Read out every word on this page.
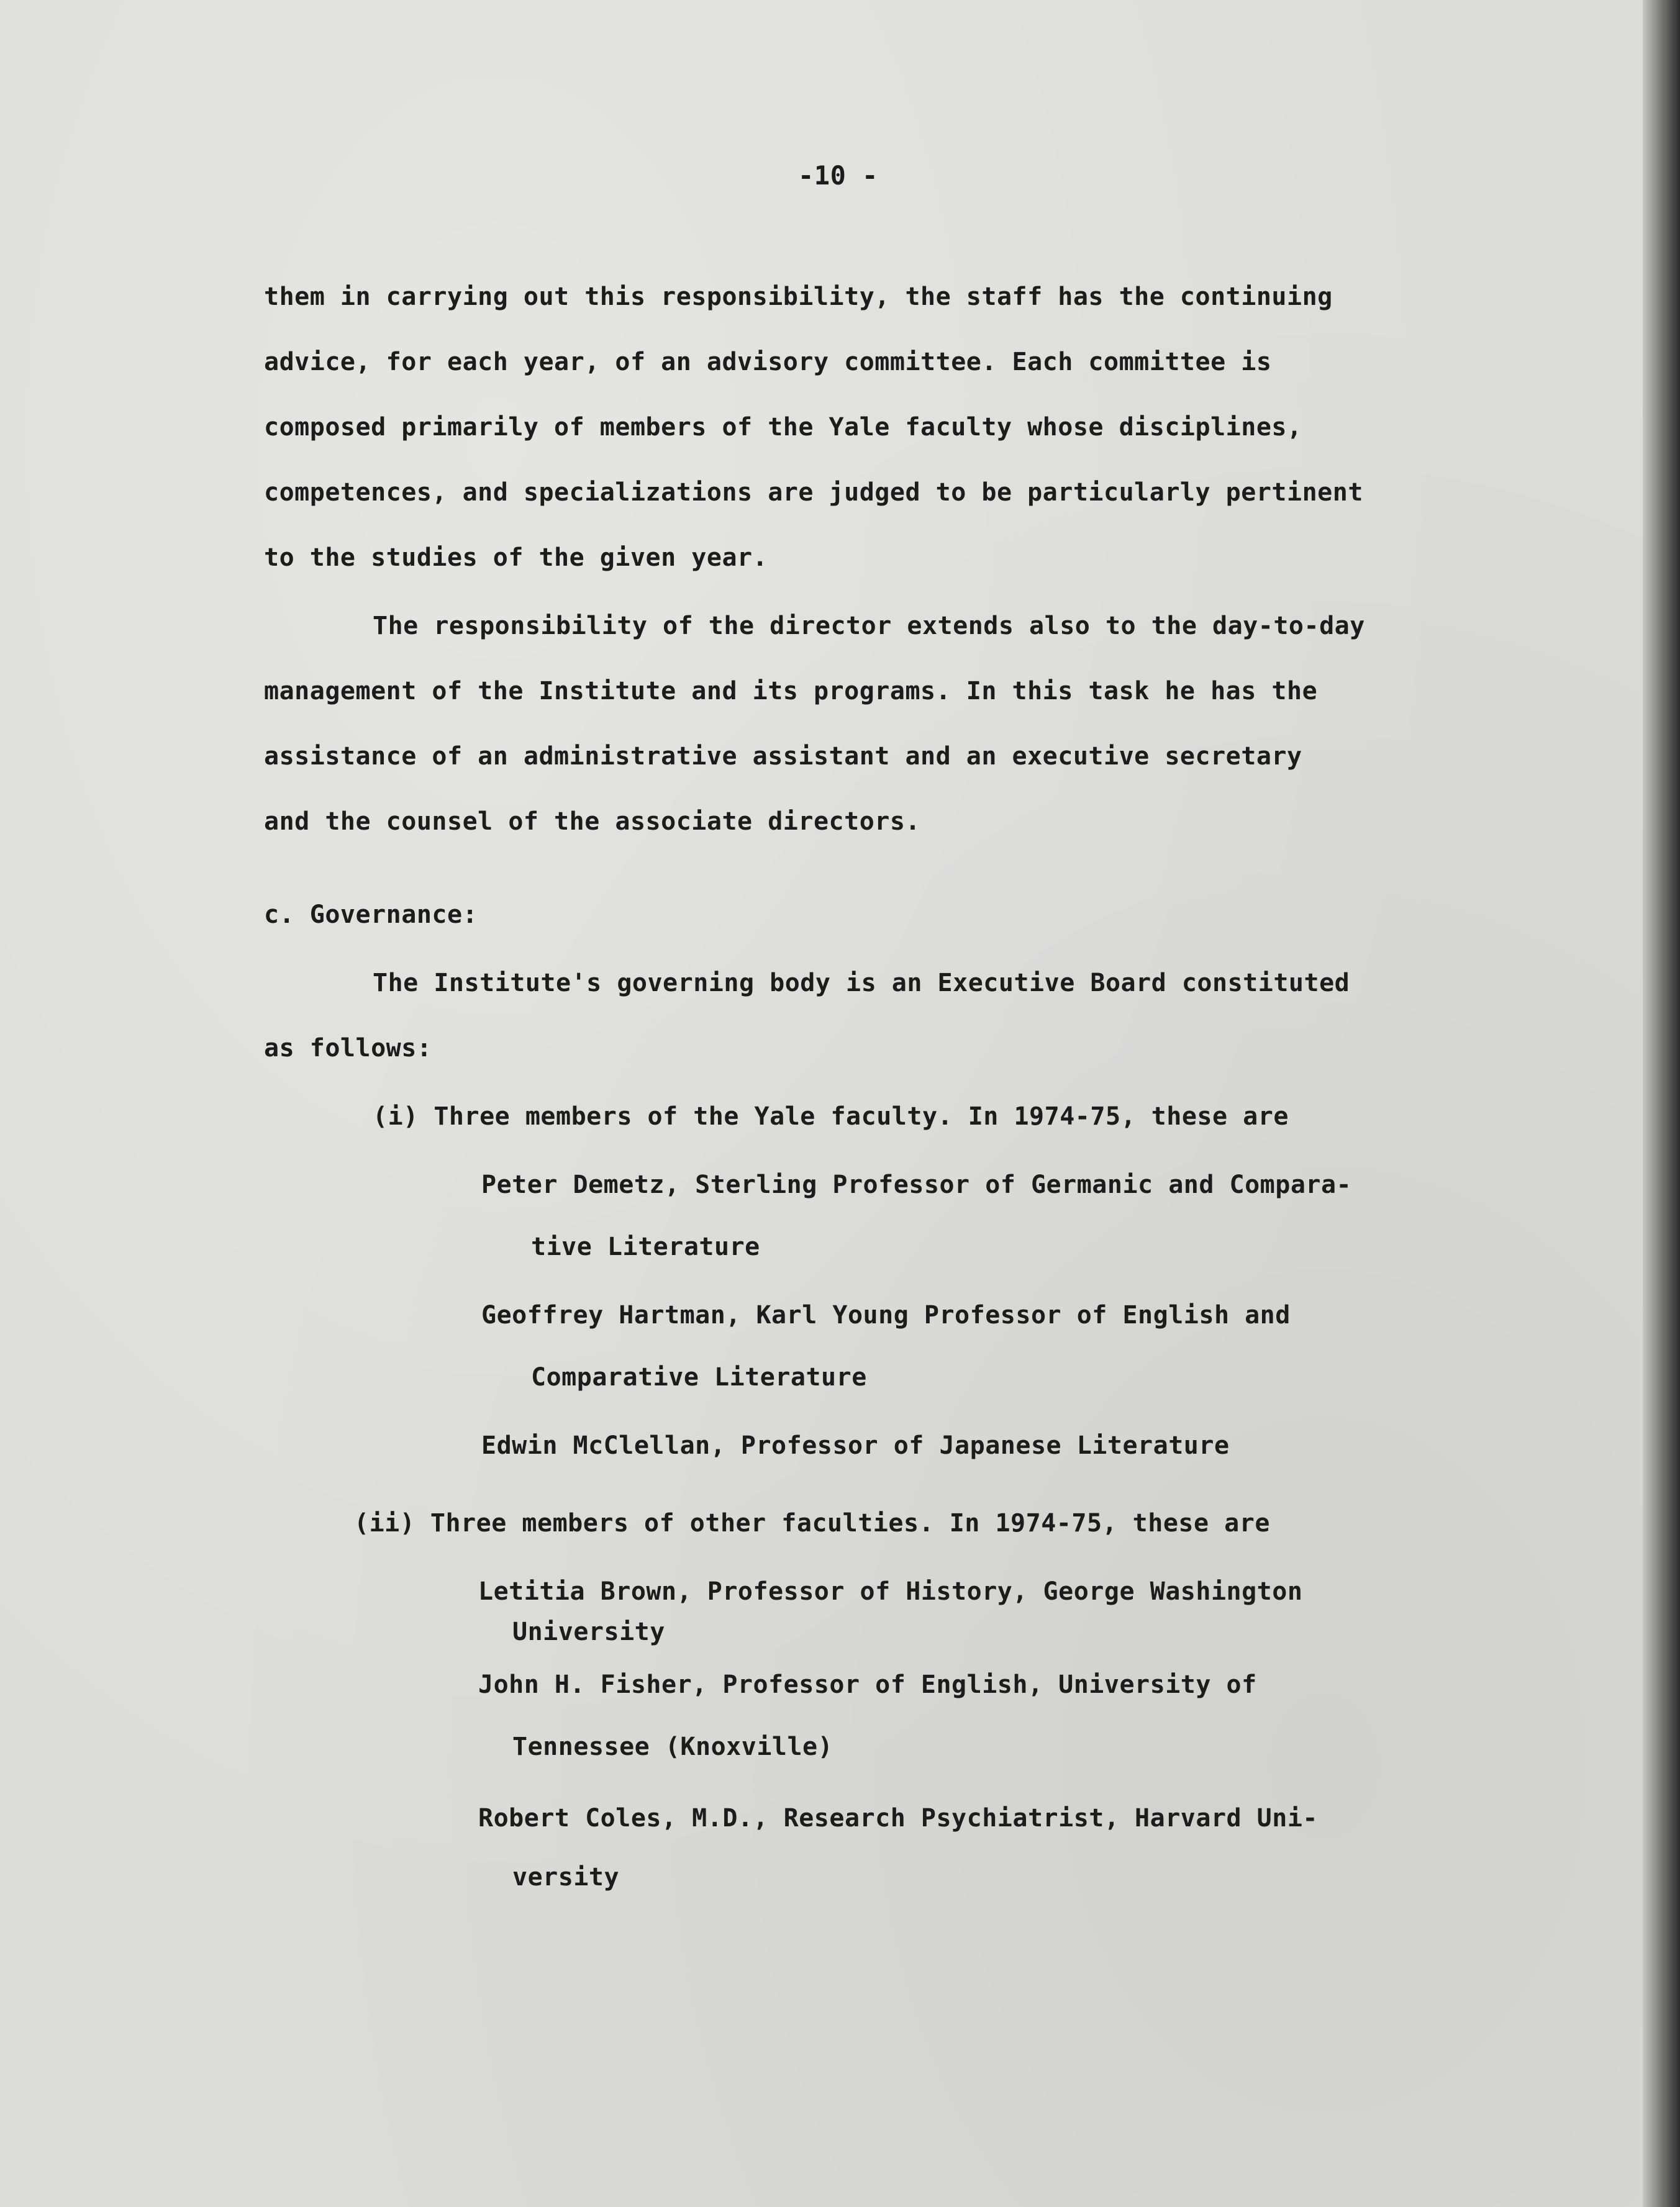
-10 -
them in carrying out this responsibility, the staff has the continuing
advice, for each year, of an advisory committee. Each committee is
composed primarily of members of the Yale faculty whose disciplines,
competences, and specializations are judged to be particularly pertinent
to the studies of the given year.
The responsibility of the director extends also to the day-to-day
management of the Institute and its programs. In this task he has the
assistance of an administrative assistant and an executive secretary
and the counsel of the associate directors.
c. Governance:
The Institute's governing body is an Executive Board constituted
as follows:
(i) Three members of the Yale faculty. In 1974-75, these are
Peter Demetz, Sterling Professor of Germanic and Compara-
tive Literature
Geoffrey Hartman, Karl Young Professor of English and
Comparative Literature
Edwin McClellan, Professor of Japanese Literature
(ii) Three members of other faculties. In 1974-75, these are
Letitia Brown, Professor of History, George Washington
University
John H. Fisher, Professor of English, University of
Tennessee (Knoxville)
Robert Coles, M.D., Research Psychiatrist, Harvard Uni-
versity
